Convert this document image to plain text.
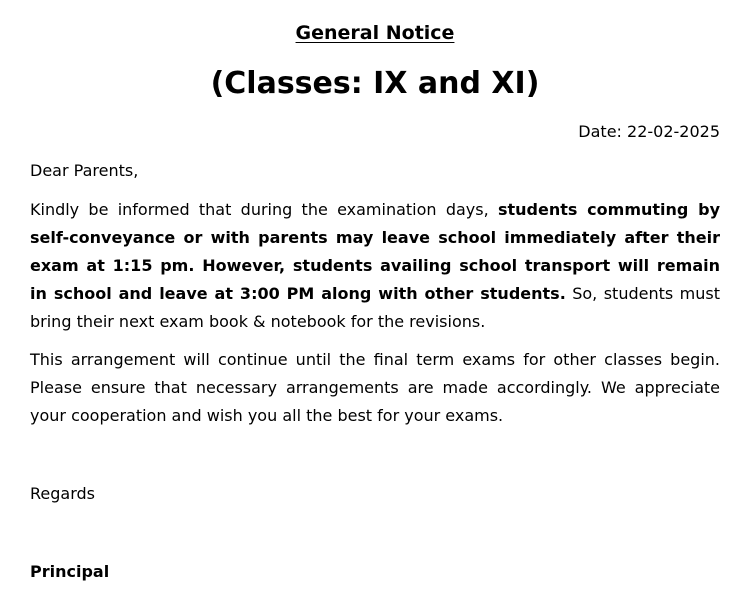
General Notice
(Classes: IX and XI)
Date: 22-02-2025
Dear Parents,
Kindly be informed that during the examination days, students commuting by self-conveyance or with parents may leave school immediately after their exam at 1:15 pm. However, students availing school transport will remain in school and leave at 3:00 PM along with other students. So, students must bring their next exam book & notebook for the revisions.
This arrangement will continue until the final term exams for other classes begin. Please ensure that necessary arrangements are made accordingly. We appreciate your cooperation and wish you all the best for your exams.
Regards
Principal
